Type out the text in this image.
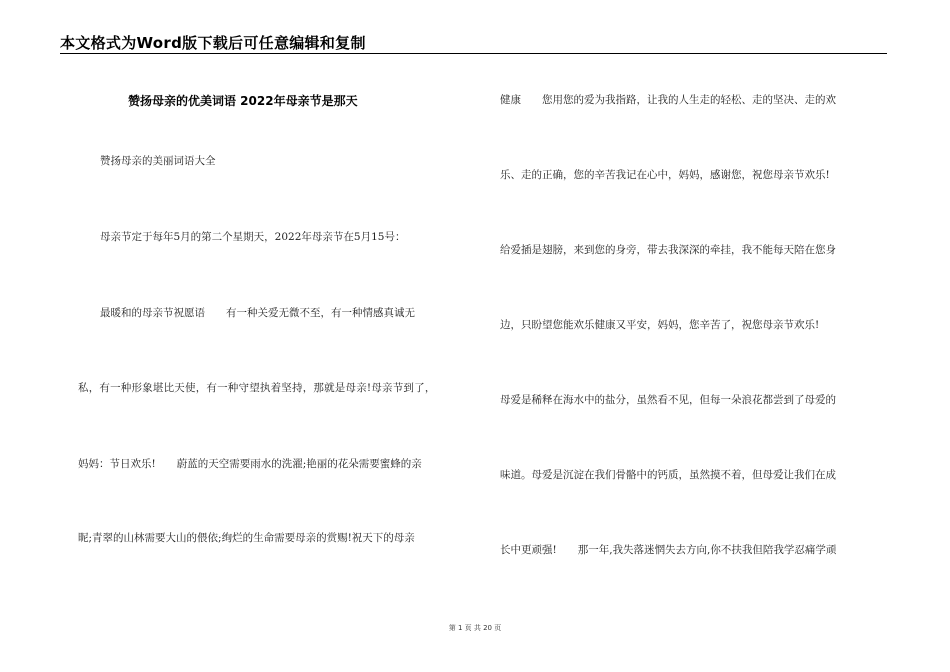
本文格式为Word版下载后可任意编辑和复制
赞扬母亲的优美词语 2022年母亲节是那天
赞扬母亲的美丽词语大全
母亲节定于每年5月的第二个星期天，2022年母亲节在5月15号：
最暖和的母亲节祝愿语　　有一种关爱无微不至，有一种情感真诚无
私，有一种形象堪比天使，有一种守望执着坚持，那就是母亲!母亲节到了，
妈妈：节日欢乐!　　蔚蓝的天空需要雨水的洗濯;艳丽的花朵需要蜜蜂的亲
昵;青翠的山林需要大山的偎依;绚烂的生命需要母亲的赏赐!祝天下的母亲
健康　　您用您的爱为我指路，让我的人生走的轻松、走的坚决、走的欢
乐、走的正确，您的辛苦我记在心中，妈妈，感谢您，祝您母亲节欢乐!
给爱插是翅膀，来到您的身旁，带去我深深的牵挂，我不能每天陪在您身
边，只盼望您能欢乐健康又平安，妈妈，您辛苦了，祝您母亲节欢乐!
母爱是稀释在海水中的盐分，虽然看不见，但每一朵浪花都尝到了母爱的
味道。母爱是沉淀在我们骨骼中的钙质，虽然摸不着，但母爱让我们在成
长中更顽强!　　那一年,我失落迷惘失去方向,你不扶我但陪我学忍痛学顽
第 1 页 共 20 页
